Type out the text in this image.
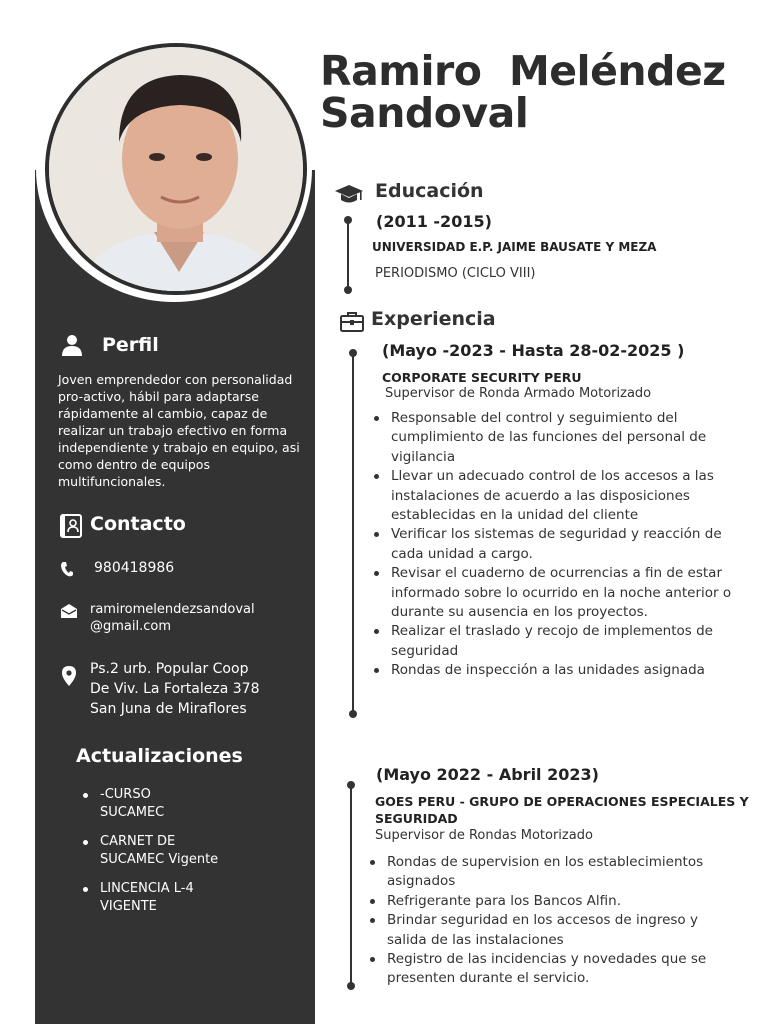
Perfil
Joven emprendedor con personalidad pro-activo, hábil para adaptarse rápidamente al cambio, capaz de realizar un trabajo efectivo en forma independiente y trabajo en equipo, asi como dentro de equipos multifuncionales.
Contacto
980418986
ramiromelendezsandoval
@gmail.com
Ps.2 urb. Popular Coop
De Viv. La Fortaleza 378
San Juna de Miraflores
Actualizaciones
-CURSO
SUCAMEC
CARNET DE
SUCAMEC Vigente
LINCENCIA L-4
VIGENTE
Ramiro  Meléndez
Sandoval
Educación
(2011 -2015)
UNIVERSIDAD E.P. JAIME BAUSATE Y MEZA
PERIODISMO (CICLO VIII)
Experiencia
(Mayo -2023 - Hasta 28-02-2025 )
CORPORATE SECURITY PERU
Supervisor de Ronda Armado Motorizado
Responsable del control y seguimiento del cumplimiento de las funciones del personal de vigilancia
Llevar un adecuado control de los accesos a las instalaciones de acuerdo a las disposiciones establecidas en la unidad del cliente
Verificar los sistemas de seguridad y reacción de cada unidad a cargo.
Revisar el cuaderno de ocurrencias a fin de estar informado sobre lo ocurrido en la noche anterior o durante su ausencia en los proyectos.
Realizar el traslado y recojo de implementos de seguridad
Rondas de inspección a las unidades asignada
(Mayo 2022 - Abril 2023)
GOES PERU - GRUPO DE OPERACIONES ESPECIALES Y SEGURIDAD
Supervisor de Rondas Motorizado
Rondas de supervision en los establecimientos asignados
Refrigerante para los Bancos Alfin.
Brindar seguridad en los accesos de ingreso y salida de las instalaciones
Registro de las incidencias y novedades que se presenten durante el servicio.
